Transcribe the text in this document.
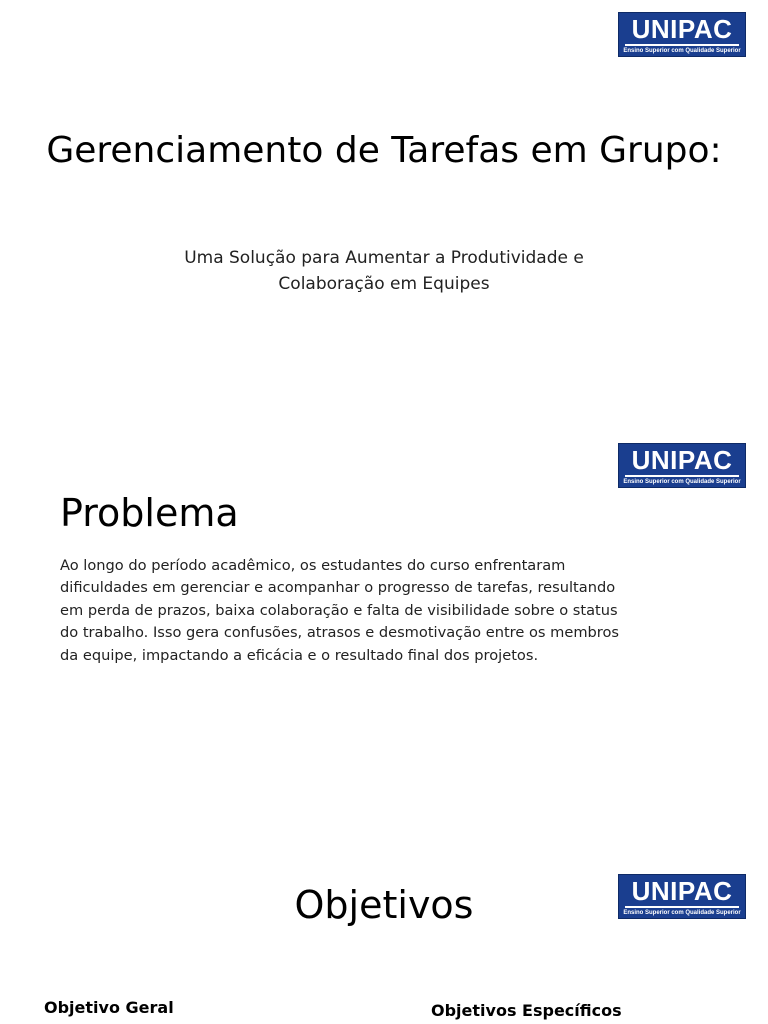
UNIPAC
Ensino Superior com Qualidade Superior
Gerenciamento de Tarefas em Grupo:

Uma Solução para Aumentar a Produtividade e Colaboração em Equipes

UNIPAC
Ensino Superior com Qualidade Superior
Problema

Ao longo do período acadêmico, os estudantes do curso enfrentaram dificuldades em gerenciar e acompanhar o progresso de tarefas, resultando em perda de prazos, baixa colaboração e falta de visibilidade sobre o status do trabalho. Isso gera confusões, atrasos e desmotivação entre os membros da equipe, impactando a eficácia e o resultado final dos projetos.

UNIPAC
Ensino Superior com Qualidade Superior
Objetivos
Objetivo Geral	Objetivos Específicos
